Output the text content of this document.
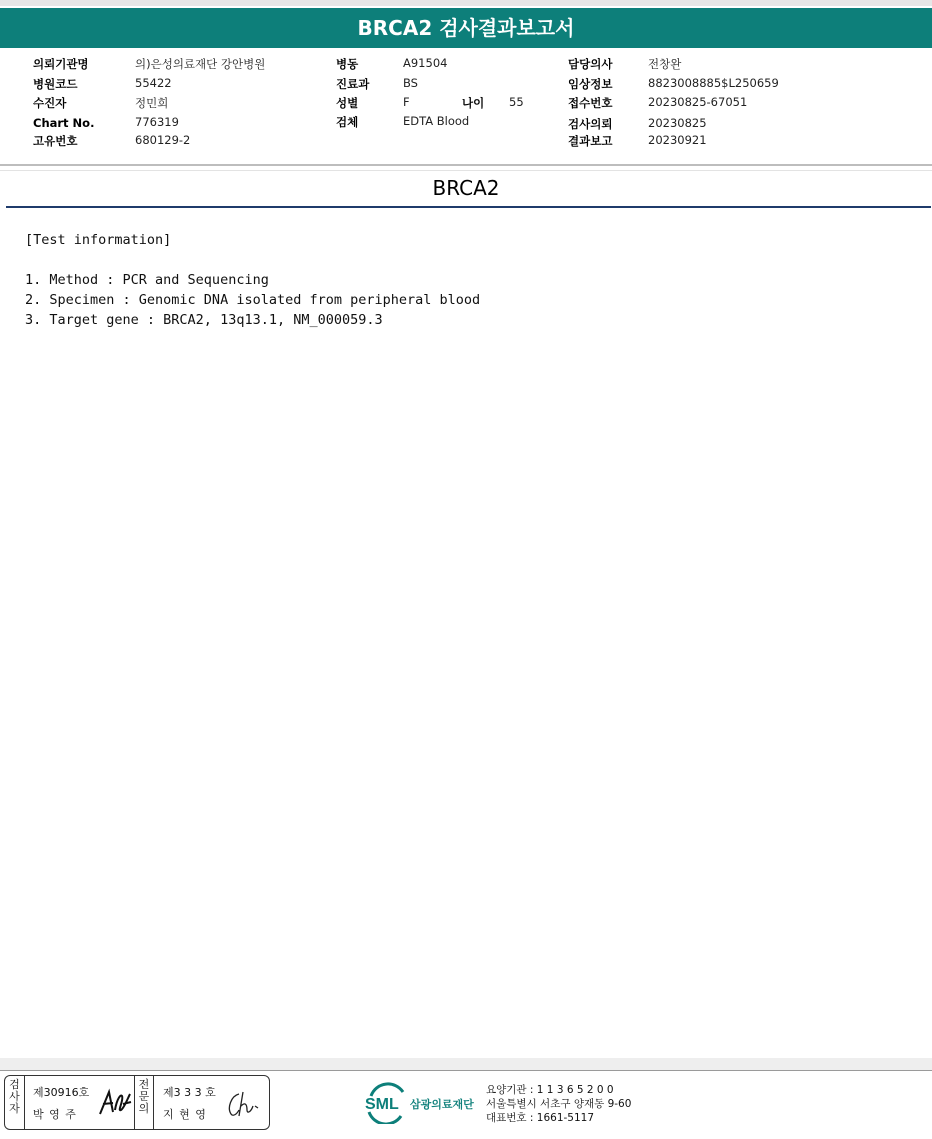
BRCA2 검사결과보고서
의뢰기관명	의)은성의료재단 강안병원
병원코드	55422
수진자	정민희
Chart No.	776319
고유번호	680129-2
병동	A91504
진료과	BS
성별	F	나이 55
검체	EDTA Blood
담당의사	전창완
임상정보	8823008885$L250659
접수번호	20230825-67051
검사의뢰	20230825
결과보고	20230921
BRCA2
[Test information]
1. Method : PCR and Sequencing
2. Specimen : Genomic DNA isolated from peripheral blood
3. Target gene : BRCA2, 13q13.1, NM_000059.3
검
사
자
제30916호
박 영 주
전
문
의
제3 3 3 호
지 현 영
SML 삼광의료재단
요양기관 : 1 1 3 6 5 2 0 0
서울특별시 서초구 양재동 9-60
대표번호 : 1661-5117
